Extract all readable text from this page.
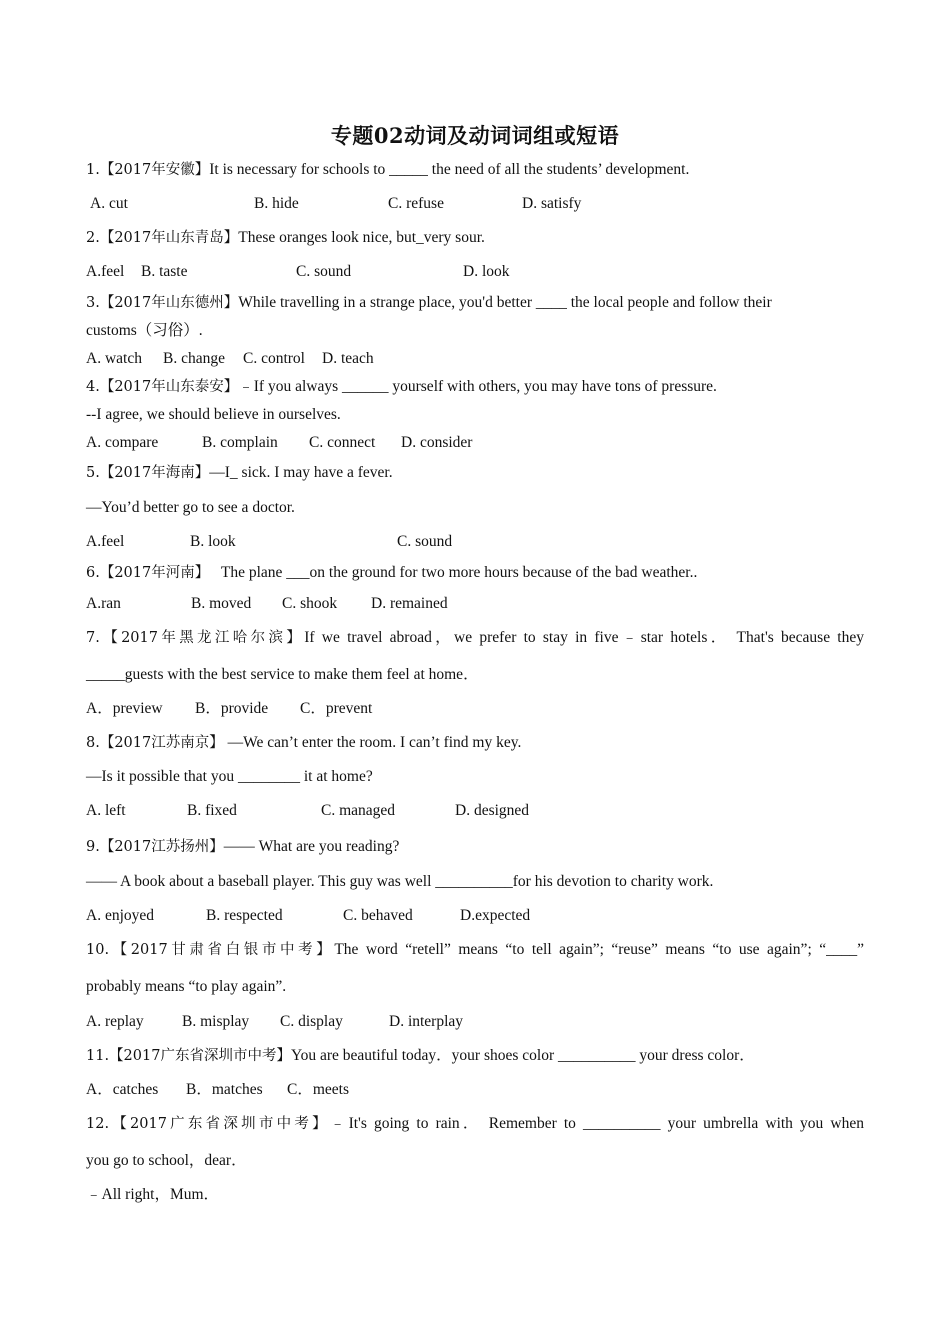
专题02动词及动词词组或短语
1.【2017年安徽】It is necessary for schools to _____ the need of all the students’ development.
A. cut	B. hide	C. refuse	D. satisfy
2.【2017年山东青岛】These oranges look nice, but_very sour.
A.feel B. taste	C. sound	D. look
3.【2017年山东德州】While travelling in a strange place, you'd better ____ the local people and follow their
customs（习俗）.
A. watch B. change C. control D. teach
4.【2017年山东泰安】﹣If you always ______ yourself with others, you may have tons of pressure.
--I agree, we should believe in ourselves.
A. compare	B. complain C. connect D. consider
5.【2017年海南】—I_ sick. I may have a fever.
—You’d better go to see a doctor.
A.feel	B. look	C. sound
6.【2017年河南】   The plane ___on the ground for two more hours because of the bad weather..
A.ran	B. moved C. shook D. remained
7.【2017年黑龙江哈尔滨】If we travel abroad，we prefer to stay in five﹣star hotels． That's because they
_____guests with the best service to make them feel at home．
A．preview B．provide C．prevent
8.【2017江苏南京】 —We can’t enter the room. I can’t find my key.
—Is it possible that you ________ it at home?
A. left	B. fixed	C. managed	D. designed
9.【2017江苏扬州】—— What are you reading?
—— A book about a baseball player. This guy was well __________for his devotion to charity work.
A. enjoyed	B. respected	C. behaved	D.expected
10.【2017甘肃省白银市中考】The word “retell” means “to tell again”; “reuse” means “to use again”; “____”
probably means “to play again”.
A. replay B. misplay C. display	D. interplay
11.【2017广东省深圳市中考】You are beautiful today．your shoes color __________ your dress color．
A．catches B．matches C．meets
12.【2017广东省深圳市中考】﹣It's going to rain． Remember to __________ your umbrella with you when
you go to school，dear．
﹣All right，Mum．
